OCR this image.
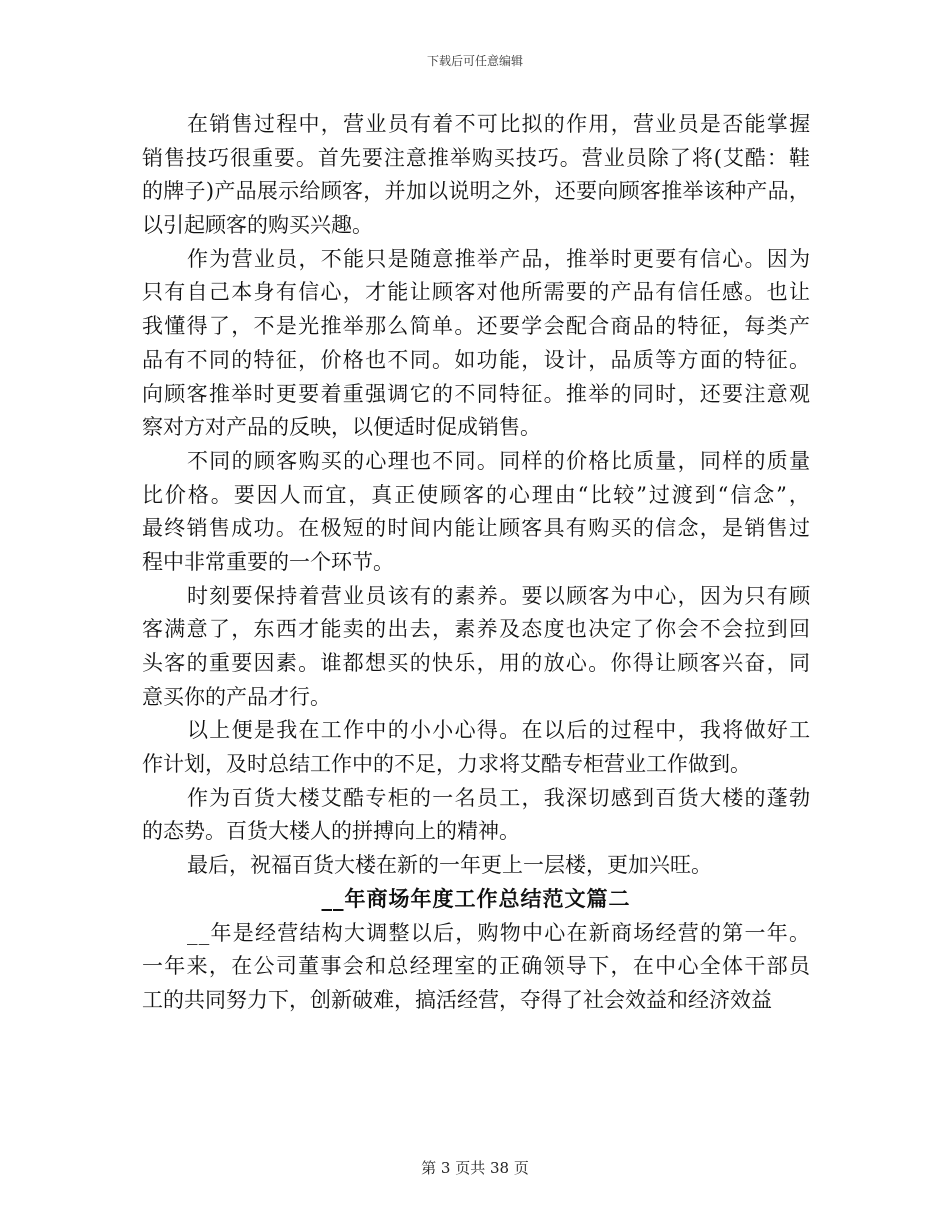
下载后可任意编辑
在销售过程中，营业员有着不可比拟的作用，营业员是否能掌握
销售技巧很重要。首先要注意推举购买技巧。营业员除了将(艾酷：鞋
的牌子)产品展示给顾客，并加以说明之外，还要向顾客推举该种产品，
以引起顾客的购买兴趣。
作为营业员，不能只是随意推举产品，推举时更要有信心。因为
只有自己本身有信心，才能让顾客对他所需要的产品有信任感。也让
我懂得了，不是光推举那么简单。还要学会配合商品的特征，每类产
品有不同的特征，价格也不同。如功能，设计，品质等方面的特征。
向顾客推举时更要着重强调它的不同特征。推举的同时，还要注意观
察对方对产品的反映，以便适时促成销售。
不同的顾客购买的心理也不同。同样的价格比质量，同样的质量
比价格。要因人而宜，真正使顾客的心理由“比较”过渡到“信念”，
最终销售成功。在极短的时间内能让顾客具有购买的信念，是销售过
程中非常重要的一个环节。
时刻要保持着营业员该有的素养。要以顾客为中心，因为只有顾
客满意了，东西才能卖的出去，素养及态度也决定了你会不会拉到回
头客的重要因素。谁都想买的快乐，用的放心。你得让顾客兴奋，同
意买你的产品才行。
以上便是我在工作中的小小心得。在以后的过程中，我将做好工
作计划，及时总结工作中的不足，力求将艾酷专柜营业工作做到。
作为百货大楼艾酷专柜的一名员工，我深切感到百货大楼的蓬勃
的态势。百货大楼人的拼搏向上的精神。
最后，祝福百货大楼在新的一年更上一层楼，更加兴旺。
__年商场年度工作总结范文篇二
__年是经营结构大调整以后，购物中心在新商场经营的第一年。
一年来，在公司董事会和总经理室的正确领导下，在中心全体干部员
工的共同努力下，创新破难，搞活经营，夺得了社会效益和经济效益
第 3 页共 38 页
